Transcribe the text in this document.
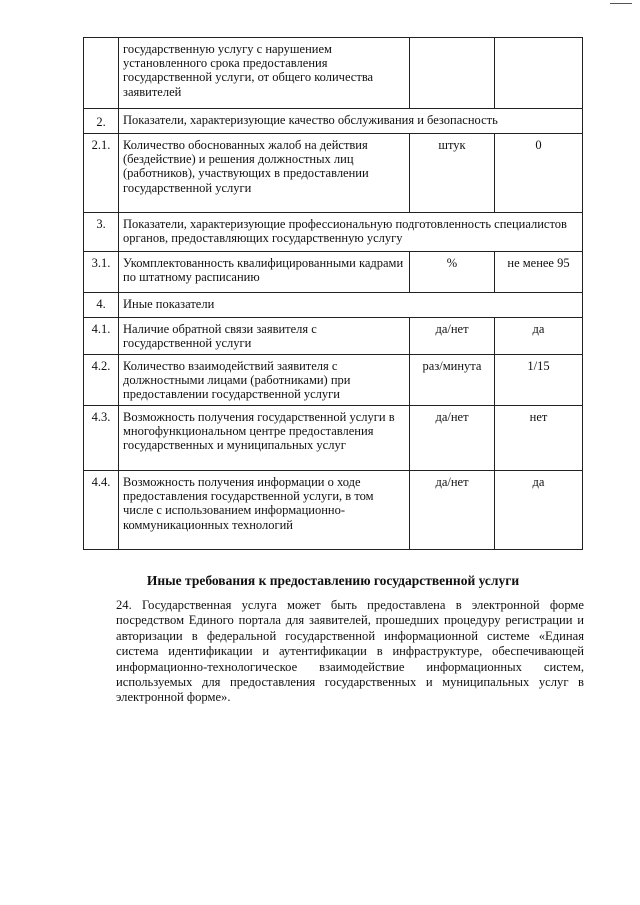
	государственную услугу с нарушением установленного срока предоставления государственной услуги, от общего количества заявителей		
2.	Показатели, характеризующие качество обслуживания и безопасность		
2.1.	Количество обоснованных жалоб на действия (бездействие) и решения должностных лиц (работников), участвующих в предоставлении государственной услуги	штук	0
3.	Показатели, характеризующие профессиональную подготовленность специалистов органов, предоставляющих государственную услугу		
3.1.	Укомплектованность квалифицированными кадрами по штатному расписанию	%	не менее 95
4.	Иные показатели		
4.1.	Наличие обратной связи заявителя с государственной услуги	да/нет	да
4.2.	Количество взаимодействий заявителя с должностными лицами (работниками) при предоставлении государственной услуги	раз/минута	1/15
4.3.	Возможность получения государственной услуги в многофункциональном центре предоставления государственных и муниципальных услуг	да/нет	нет
4.4.	Возможность получения информации о ходе предоставления государственной услуги, в том числе с использованием информационно-коммуникационных технологий	да/нет	да
Иные требования к предоставлению государственной услуги

24. Государственная услуга может быть предоставлена в электронной форме посредством Единого портала для заявителей, прошедших процедуру регистрации и авторизации в федеральной государственной информационной системе «Единая система идентификации и аутентификации в инфраструктуре, обеспечивающей информационно-технологическое взаимодействие информационных систем, используемых для предоставления государственных и муниципальных услуг в электронной форме».
